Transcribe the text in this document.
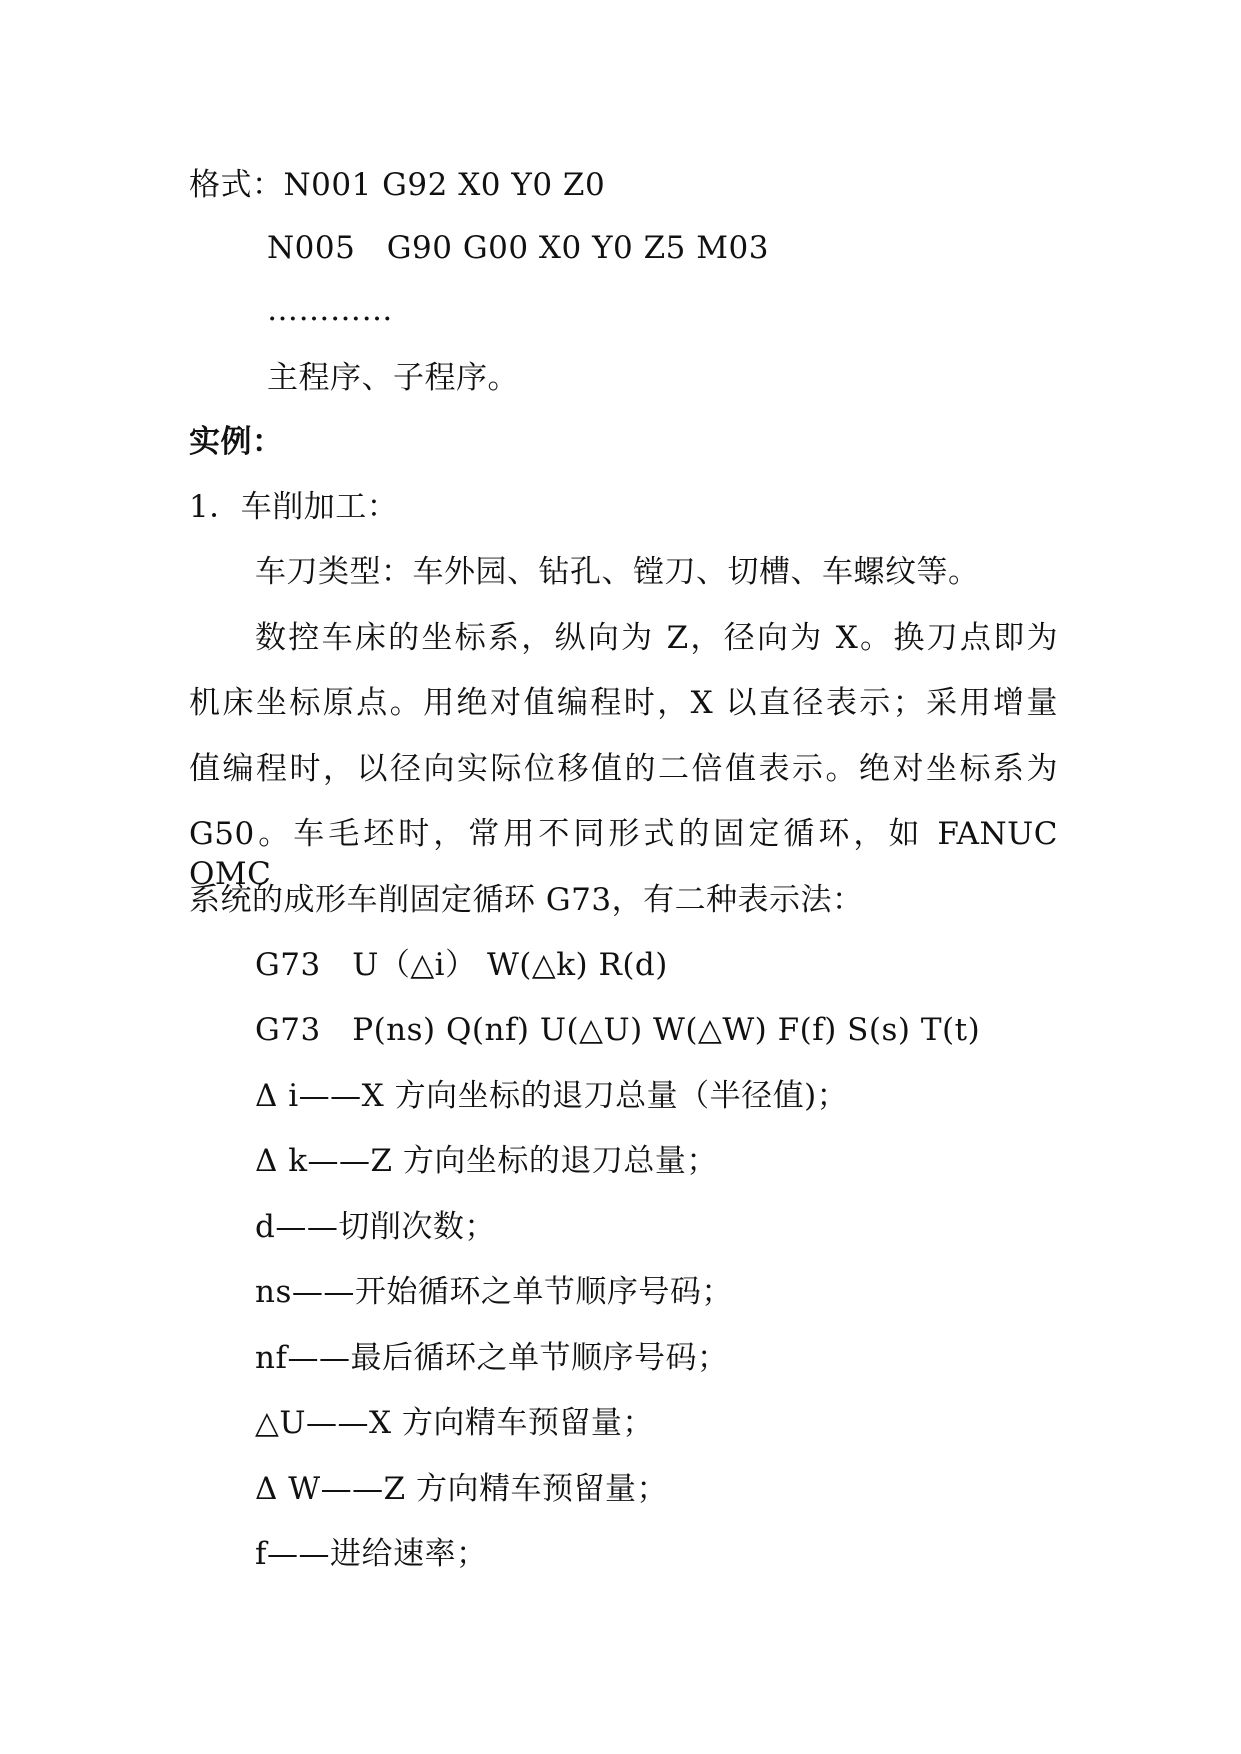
格式：N001 G92 X0 Y0 Z0
N005　G90 G00 X0 Y0 Z5 M03
…………
主程序、子程序。
实例：
1．车削加工：
车刀类型：车外园、钻孔、镗刀、切槽、车螺纹等。
数控车床的坐标系，纵向为 Z，径向为 X。换刀点即为
机床坐标原点。用绝对值编程时，X 以直径表示；采用增量
值编程时，以径向实际位移值的二倍值表示。绝对坐标系为
G50。车毛坯时，常用不同形式的固定循环，如 FANUC OMC
系统的成形车削固定循环 G73，有二种表示法：
G73　U（△i） W(△k) R(d)
G73　P(ns) Q(nf) U(△U) W(△W) F(f) S(s) T(t)
Δ i——X 方向坐标的退刀总量（半径值)；
Δ k——Z 方向坐标的退刀总量；
d——切削次数；
ns——开始循环之单节顺序号码；
nf——最后循环之单节顺序号码；
△U——X 方向精车预留量；
Δ W——Z 方向精车预留量；
f——进给速率；
